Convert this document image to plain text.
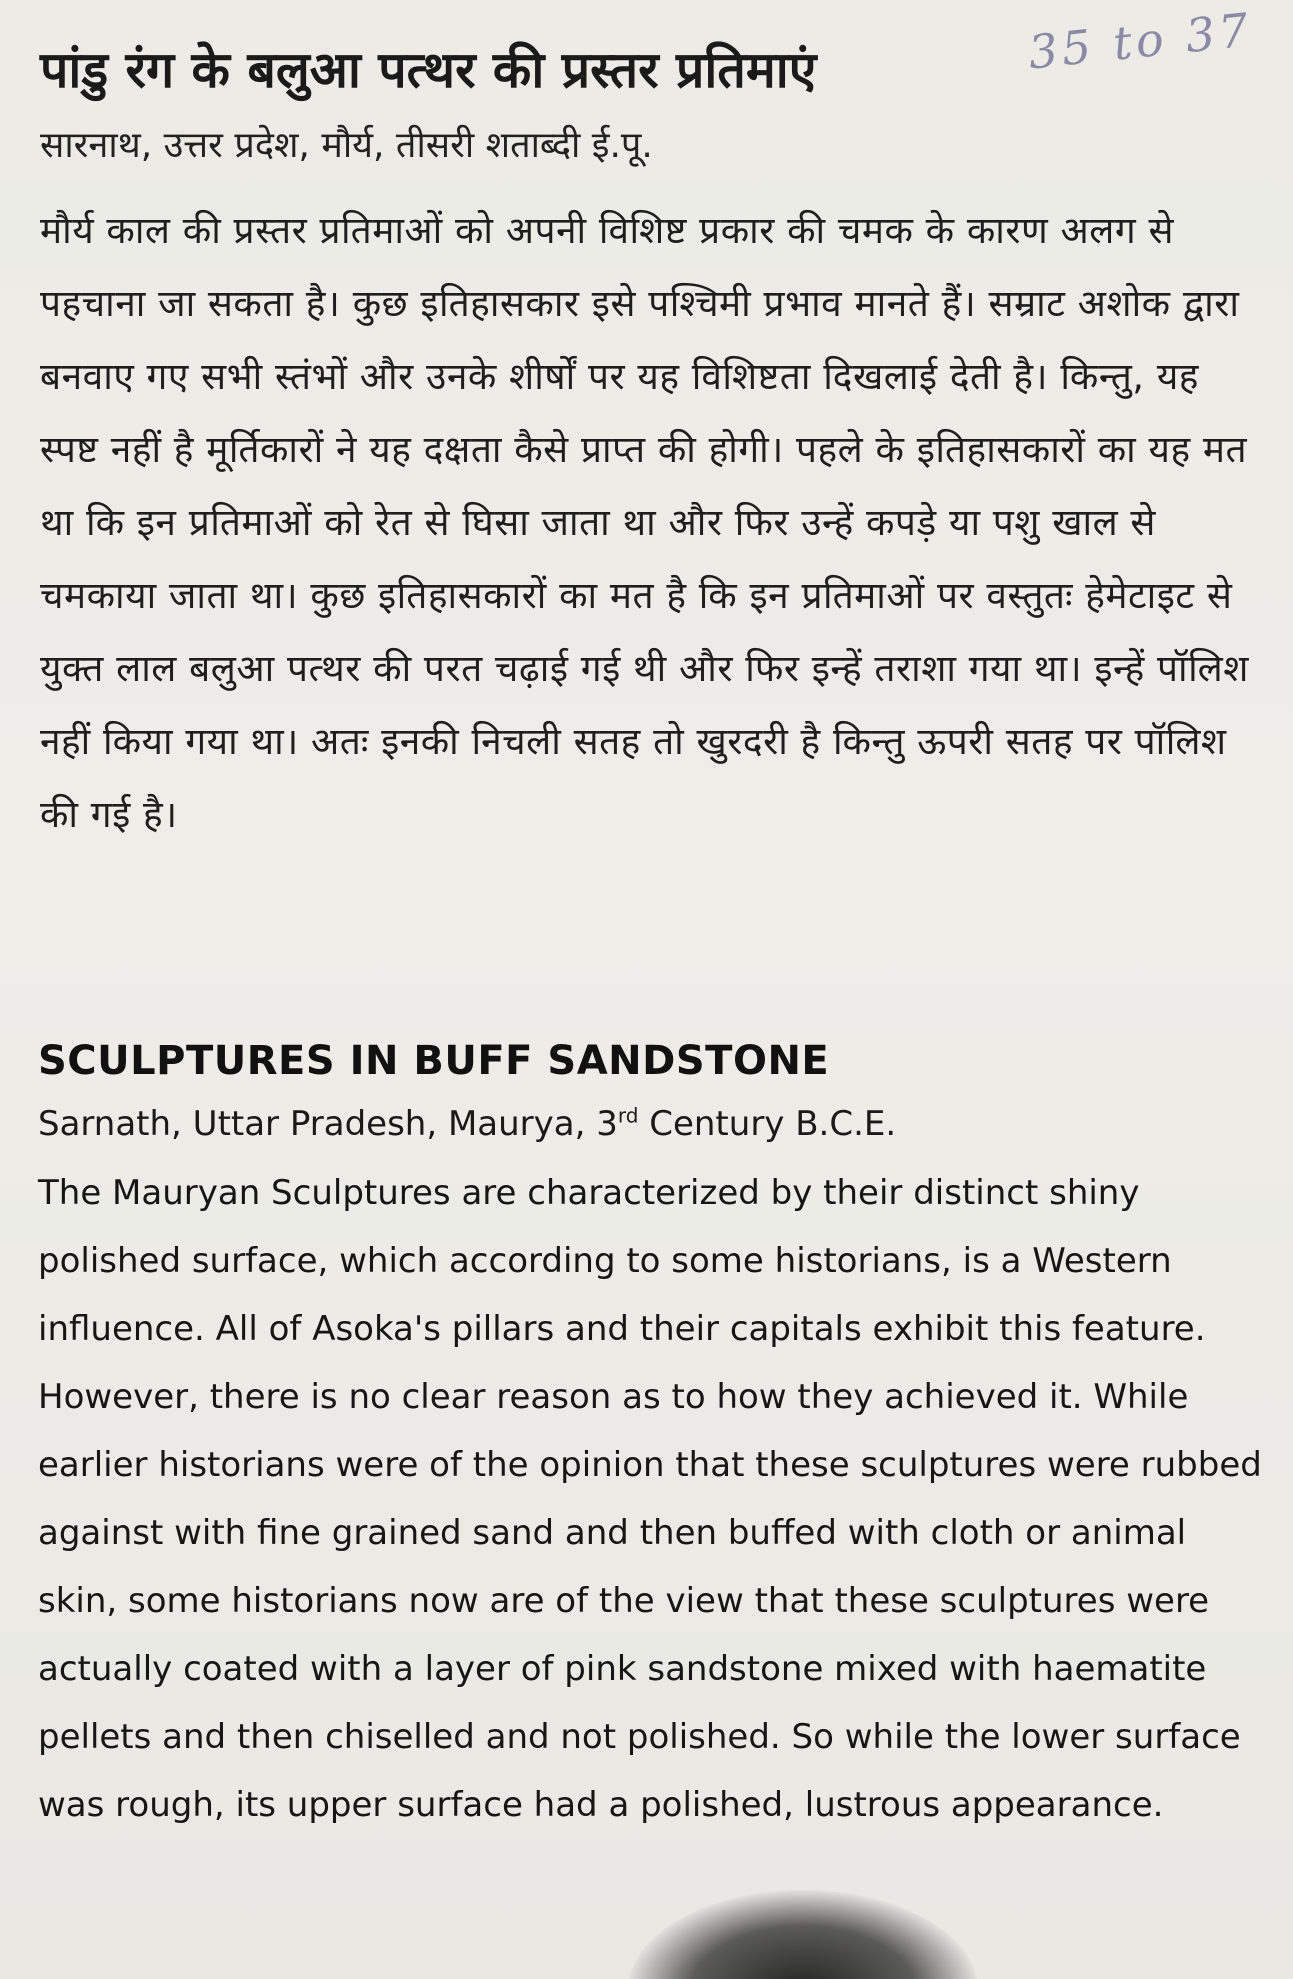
35 to 37
पांडु रंग के बलुआ पत्थर की प्रस्तर प्रतिमाएं

सारनाथ, उत्तर प्रदेश, मौर्य, तीसरी शताब्दी ई.पू.

मौर्य काल की प्रस्तर प्रतिमाओं को अपनी विशिष्ट प्रकार की चमक के कारण अलग से पहचाना जा सकता है। कुछ इतिहासकार इसे पश्चिमी प्रभाव मानते हैं। सम्राट अशोक द्वारा बनवाए गए सभी स्तंभों और उनके शीर्षों पर यह विशिष्टता दिखलाई देती है। किन्तु, यह स्पष्ट नहीं है मूर्तिकारों ने यह दक्षता कैसे प्राप्त की होगी। पहले के इतिहासकारों का यह मत था कि इन प्रतिमाओं को रेत से घिसा जाता था और फिर उन्हें कपड़े या पशु खाल से चमकाया जाता था। कुछ इतिहासकारों का मत है कि इन प्रतिमाओं पर वस्तुतः हेमेटाइट से युक्त लाल बलुआ पत्थर की परत चढ़ाई गई थी और फिर इन्हें तराशा गया था। इन्हें पॉलिश नहीं किया गया था। अतः इनकी निचली सतह तो खुरदरी है किन्तु ऊपरी सतह पर पॉलिश की गई है।

SCULPTURES IN BUFF SANDSTONE

Sarnath, Uttar Pradesh, Maurya, 3rd Century B.C.E.

The Mauryan Sculptures are characterized by their distinct shiny polished surface, which according to some historians, is a Western influence. All of Asoka's pillars and their capitals exhibit this feature. However, there is no clear reason as to how they achieved it. While earlier historians were of the opinion that these sculptures were rubbed against with fine grained sand and then buffed with cloth or animal skin, some historians now are of the view that these sculptures were actually coated with a layer of pink sandstone mixed with haematite pellets and then chiselled and not polished. So while the lower surface was rough, its upper surface had a polished, lustrous appearance.
